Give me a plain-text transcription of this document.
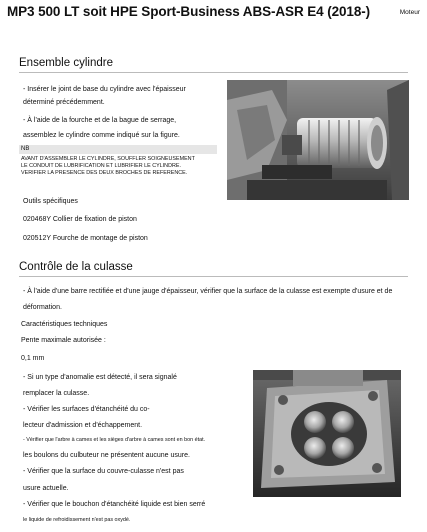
MP3 500 LT soit HPE Sport-Business ABS-ASR E4 (2018-)	Moteur
Ensemble cylindre
- Insérer le joint de base du cylindre avec l'épaisseur
déterminé précédemment.
- À l'aide de la fourche et de la bague de serrage,
assemblez le cylindre comme indiqué sur la figure.
NB
AVANT D'ASSEMBLER LE CYLINDRE, SOUFFLER SOIGNEUSEMENT
LE CONDUIT DE LUBRIFICATION ET LUBRIFIER LE CYLINDRE.
VERIFIER LA PRESENCE DES DEUX BROCHES DE REFERENCE.
Outils spécifiques
020468Y Collier de fixation de piston
020512Y Fourche de montage de piston
Contrôle de la culasse
- À l'aide d'une barre rectifiée et d'une jauge d'épaisseur, vérifier que la surface de la culasse est exempte d'usure et de
déformation.
Caractéristiques techniques
Pente maximale autorisée :
0,1 mm
- Si un type d'anomalie est détecté, il sera signalé
remplacer la culasse.
- Vérifier les surfaces d'étanchéité du co-
lecteur d'admission et d'échappement.
- Vérifier que l'arbre à cames et les sièges d'arbre à cames sont en bon état.
les boulons du culbuteur ne présentent aucune usure.
- Vérifier que la surface du couvre-culasse n'est pas
usure actuelle.
- Vérifier que le bouchon d'étanchéité liquide est bien serré
le liquide de refroidissement n'est pas oxydé.
